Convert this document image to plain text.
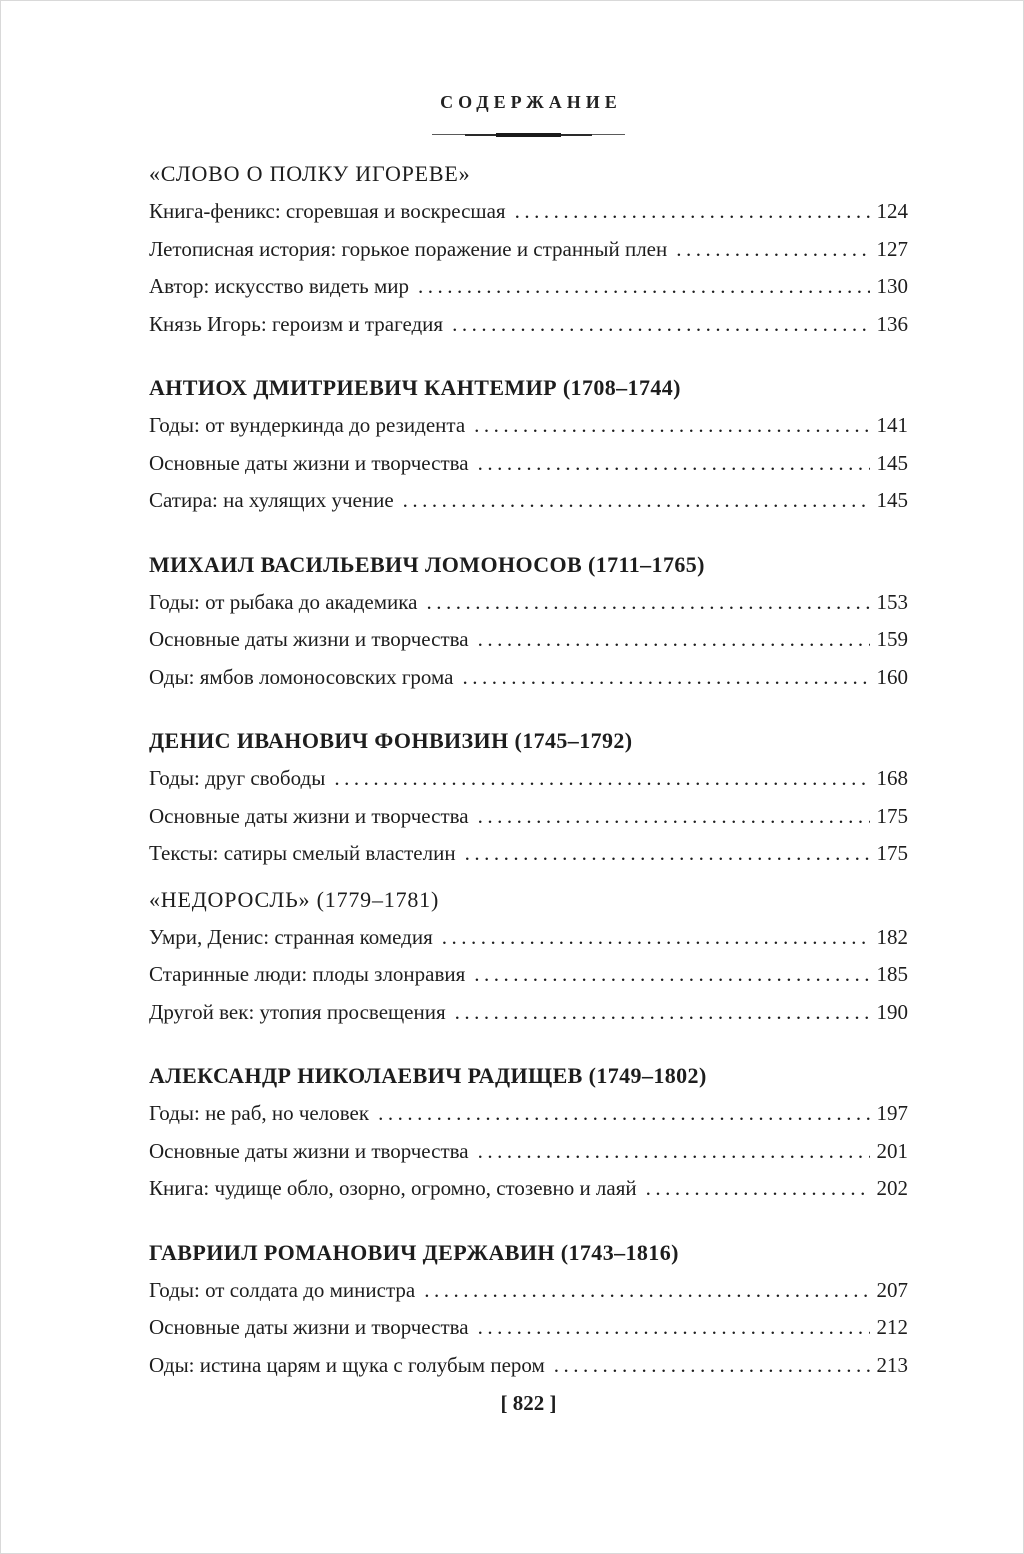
СОДЕРЖАНИЕ
«СЛОВО О ПОЛКУ ИГОРЕВЕ»
Книга-феникс: сгоревшая и воскресшая .....	124
Летописная история: горькое поражение и странный плен .....	127
Автор: искусство видеть мир .....	130
Князь Игорь: героизм и трагедия .....	136
АНТИОХ ДМИТРИЕВИЧ КАНТЕМИР (1708–1744)
Годы: от вундеркинда до резидента .....	141
Основные даты жизни и творчества .....	145
Сатира: на хулящих учение .....	145
МИХАИЛ ВАСИЛЬЕВИЧ ЛОМОНОСОВ (1711–1765)
Годы: от рыбака до академика .....	153
Основные даты жизни и творчества .....	159
Оды: ямбов ломоносовских грома .....	160
ДЕНИС ИВАНОВИЧ ФОНВИЗИН (1745–1792)
Годы: друг свободы .....	168
Основные даты жизни и творчества .....	175
Тексты: сатиры смелый властелин .....	175
«НЕДОРОСЛЬ» (1779–1781)
Умри, Денис: странная комедия .....	182
Старинные люди: плоды злонравия .....	185
Другой век: утопия просвещения .....	190
АЛЕКСАНДР НИКОЛАЕВИЧ РАДИЩЕВ (1749–1802)
Годы: не раб, но человек .....	197
Основные даты жизни и творчества .....	201
Книга: чудище обло, озорно, огромно, стозевно и лаяй .....	202
ГАВРИИЛ РОМАНОВИЧ ДЕРЖАВИН (1743–1816)
Годы: от солдата до министра .....	207
Основные даты жизни и творчества .....	212
Оды: истина царям и щука с голубым пером .....	213
[ 822 ]
